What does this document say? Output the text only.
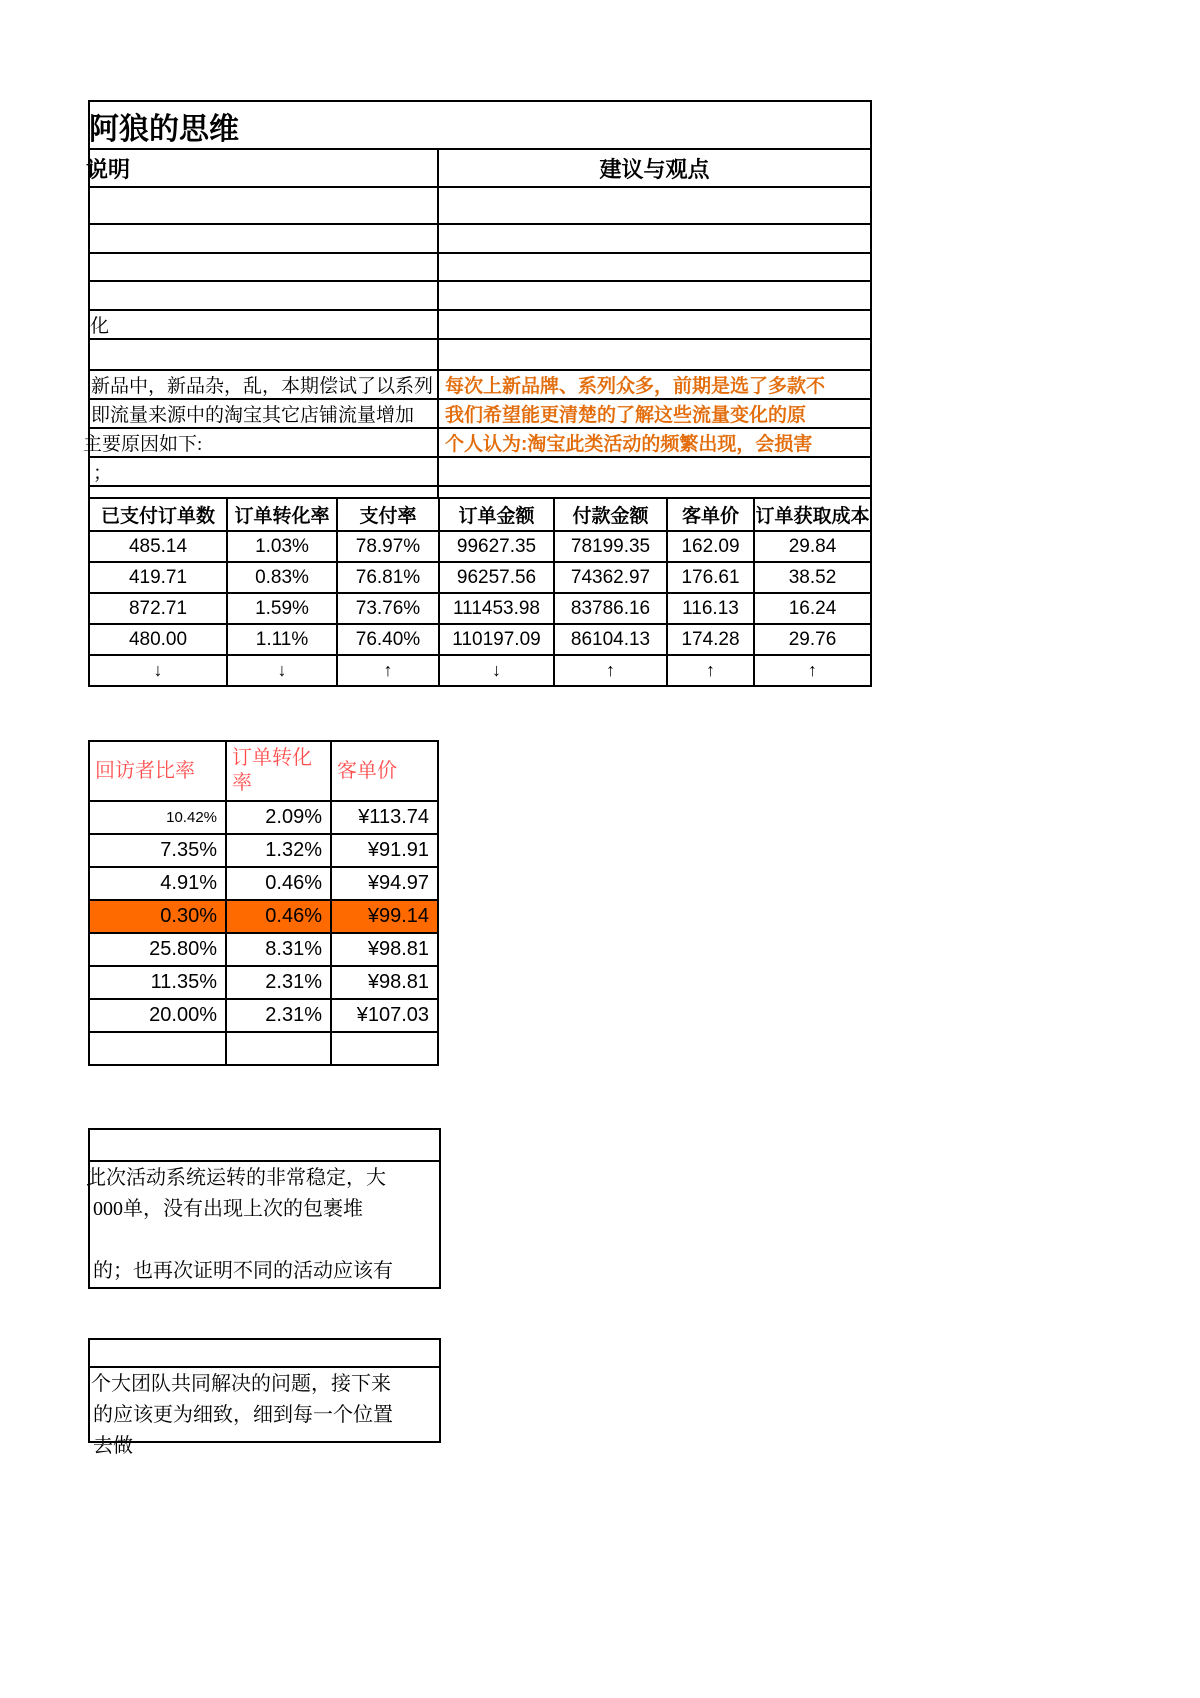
阿狼的思维	
说明	建议与观点

化	

新品中，新品杂，乱，本期偿试了以系列	每次上新品牌、系列众多，前期是选了多款不
即流量来源中的淘宝其它店铺流量增加	我们希望能更清楚的了解这些流量变化的原
主要原因如下:	个人认为:淘宝此类活动的频繁出现，会损害
；	

已支付订单数	订单转化率	支付率	订单金额	付款金额	客单价	订单获取成本
485.14	1.03%	78.97%	99627.35	78199.35	162.09	29.84
419.71	0.83%	76.81%	96257.56	74362.97	176.61	38.52
872.71	1.59%	73.76%	111453.98	83786.16	116.13	16.24
480.00	1.11%	76.40%	110197.09	86104.13	174.28	29.76
↓	↓	↑	↓	↑	↑	↑
回访者比率	订单转化率	客单价
10.42%	2.09%	¥113.74
7.35%	1.32%	¥91.91
4.91%	0.46%	¥94.97
0.30%	0.46%	¥99.14
25.80%	8.31%	¥98.81
11.35%	2.31%	¥98.81
20.00%	2.31%	¥107.03

此次活动系统运转的非常稳定，大
000单，没有出现上次的包裹堆
的；也再次证明不同的活动应该有
个大团队共同解决的问题，接下来
的应该更为细致，细到每一个位置
去做
